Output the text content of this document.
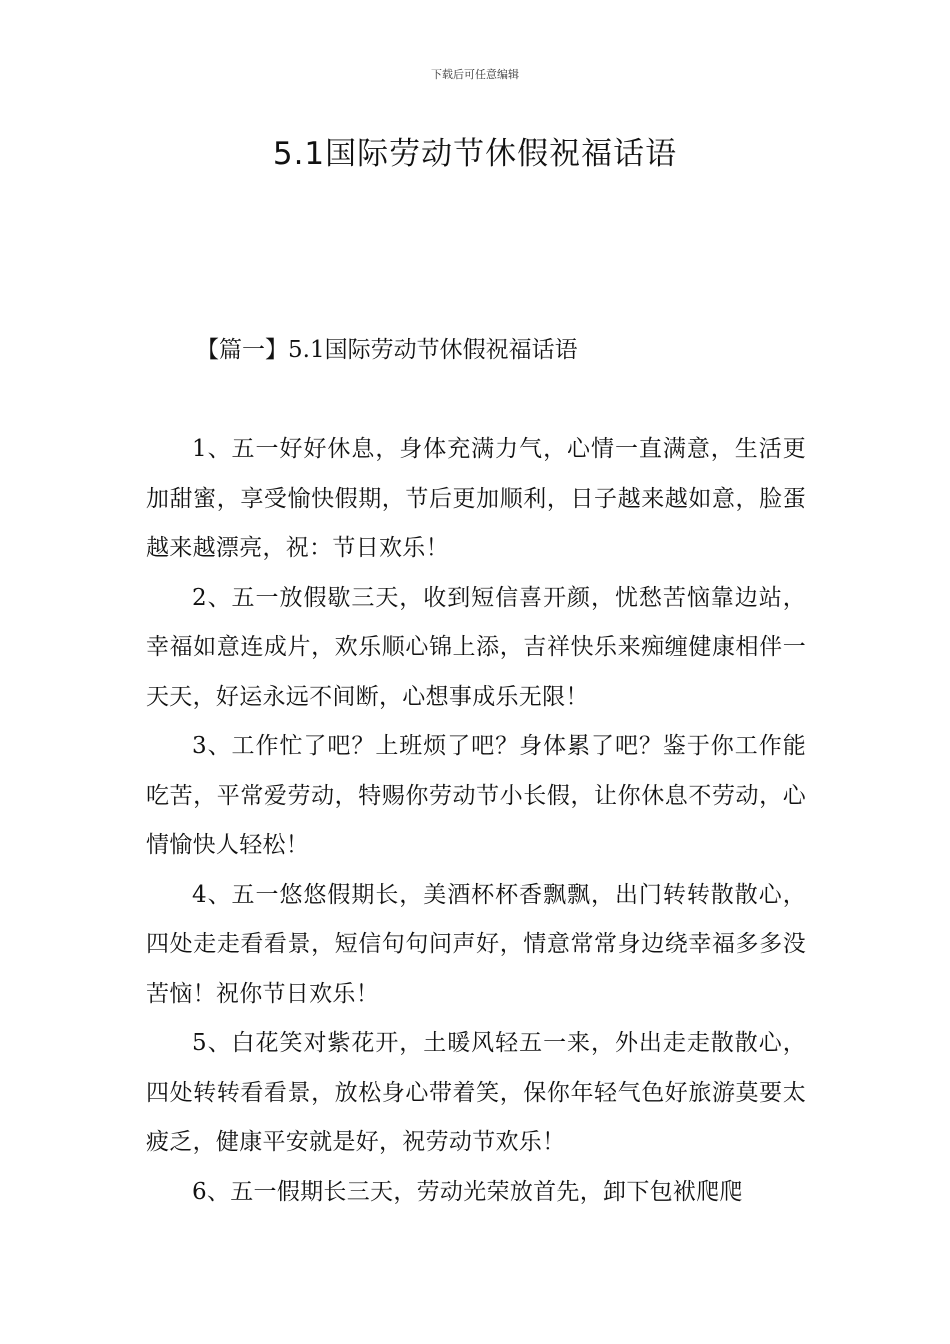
下载后可任意编辑
5.1国际劳动节休假祝福话语
【篇一】5.1国际劳动节休假祝福话语

1、五一好好休息，身体充满力气，心情一直满意，生活更加甜蜜，享受愉快假期，节后更加顺利，日子越来越如意，脸蛋越来越漂亮，祝：节日欢乐！

2、五一放假歇三天，收到短信喜开颜，忧愁苦恼靠边站，幸福如意连成片，欢乐顺心锦上添，吉祥快乐来痴缠健康相伴一天天，好运永远不间断，心想事成乐无限！

3、工作忙了吧？上班烦了吧？身体累了吧？鉴于你工作能吃苦，平常爱劳动，特赐你劳动节小长假，让你休息不劳动，心情愉快人轻松！

4、五一悠悠假期长，美酒杯杯香飘飘，出门转转散散心，四处走走看看景，短信句句问声好，情意常常身边绕幸福多多没苦恼！祝你节日欢乐！

5、白花笑对紫花开，土暖风轻五一来，外出走走散散心，四处转转看看景，放松身心带着笑，保你年轻气色好旅游莫要太疲乏，健康平安就是好，祝劳动节欢乐！

6、五一假期长三天，劳动光荣放首先，卸下包袱爬爬
